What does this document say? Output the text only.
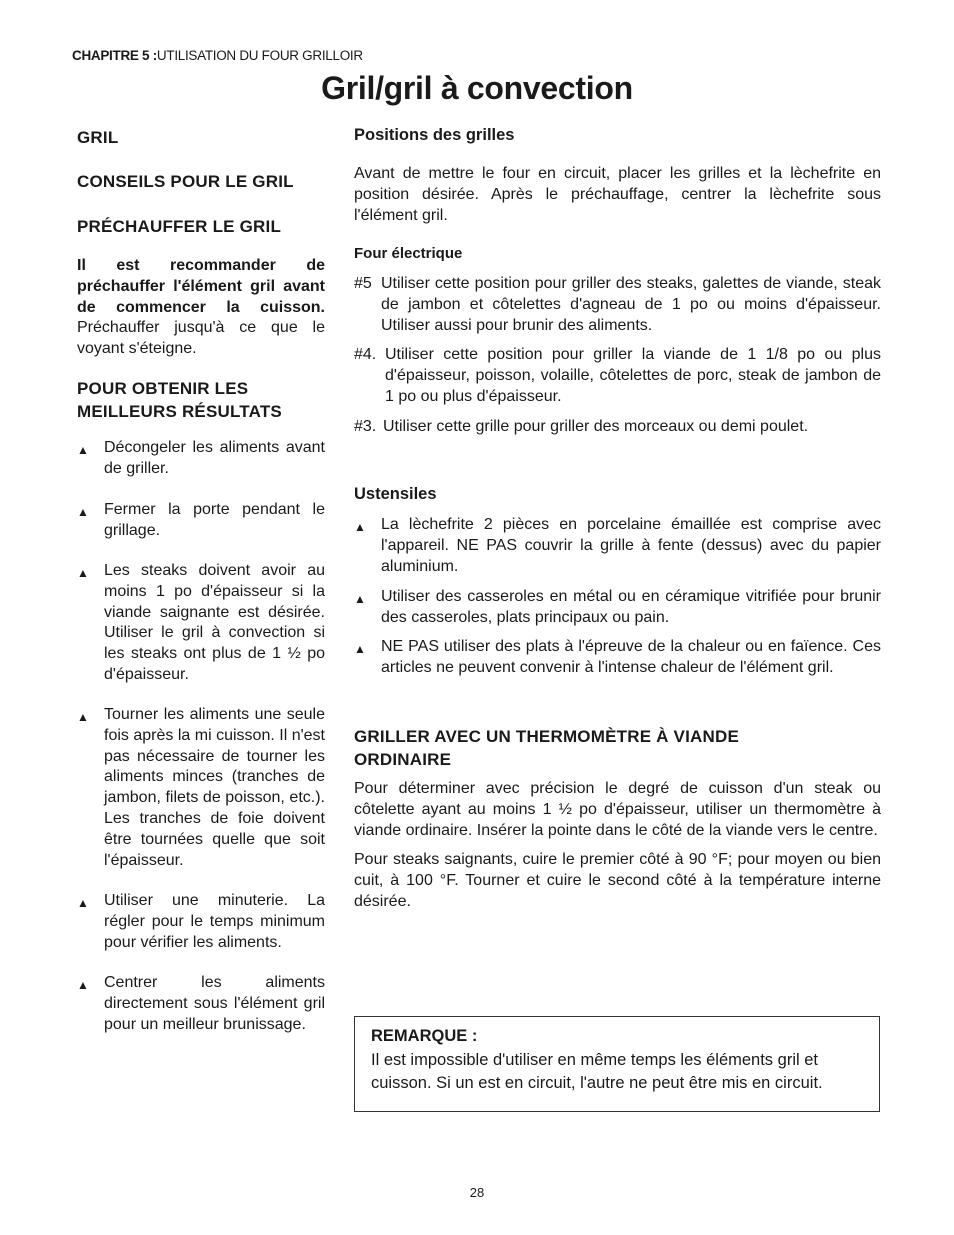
CHAPITRE 5 :UTILISATION DU FOUR GRILLOIR
Gril/gril à convection
GRIL
CONSEILS POUR LE GRIL
PRÉCHAUFFER LE GRIL
Il est recommander de préchauffer l'élément gril avant de commencer la cuisson. Préchauffer jusqu'à ce que le voyant s'éteigne.
POUR OBTENIR LES
MEILLEURS RÉSULTATS
▲ Décongeler les aliments avant de griller.
▲ Fermer la porte pendant le grillage.
▲ Les steaks doivent avoir au moins 1 po d'épaisseur si la viande saignante est désirée. Utiliser le gril à convection si les steaks ont plus de 1 ½ po d'épaisseur.
▲ Tourner les aliments une seule fois après la mi cuisson. Il n'est pas nécessaire de tourner les aliments minces (tranches de jambon, filets de poisson, etc.). Les tranches de foie doivent être tournées quelle que soit l'épaisseur.
▲ Utiliser une minuterie. La régler pour le temps minimum pour vérifier les aliments.
▲ Centrer les aliments directement sous l'élément gril pour un meilleur brunissage.
Positions des grilles
Avant de mettre le four en circuit, placer les grilles et la lèchefrite en position désirée. Après le préchauffage, centrer la lèchefrite sous l'élément gril.
Four électrique
#5 Utiliser cette position pour griller des steaks, galettes de viande, steak de jambon et côtelettes d'agneau de 1 po ou moins d'épaisseur. Utiliser aussi pour brunir des aliments.
#4. Utiliser cette position pour griller la viande de 1 1/8 po ou plus d'épaisseur, poisson, volaille, côtelettes de porc, steak de jambon de 1 po ou plus d'épaisseur.
#3. Utiliser cette grille pour griller des morceaux ou demi poulet.
Ustensiles
▲ La lèchefrite 2 pièces en porcelaine émaillée est comprise avec l'appareil. NE PAS couvrir la grille à fente (dessus) avec du papier aluminium.
▲ Utiliser des casseroles en métal ou en céramique vitrifiée pour brunir des casseroles, plats principaux ou pain.
▲ NE PAS utiliser des plats à l'épreuve de la chaleur ou en faïence. Ces articles ne peuvent convenir à l'intense chaleur de l'élément gril.
GRILLER AVEC UN THERMOMÈTRE À VIANDE
ORDINAIRE
Pour déterminer avec précision le degré de cuisson d'un steak ou côtelette ayant au moins 1 ½ po d'épaisseur, utiliser un thermomètre à viande ordinaire. Insérer la pointe dans le côté de la viande vers le centre.
Pour steaks saignants, cuire le premier côté à 90 °F; pour moyen ou bien cuit, à 100 °F. Tourner et cuire le second côté à la température interne désirée.
REMARQUE :
Il est impossible d'utiliser en même temps les éléments gril et cuisson. Si un est en circuit, l'autre ne peut être mis en circuit.
28
